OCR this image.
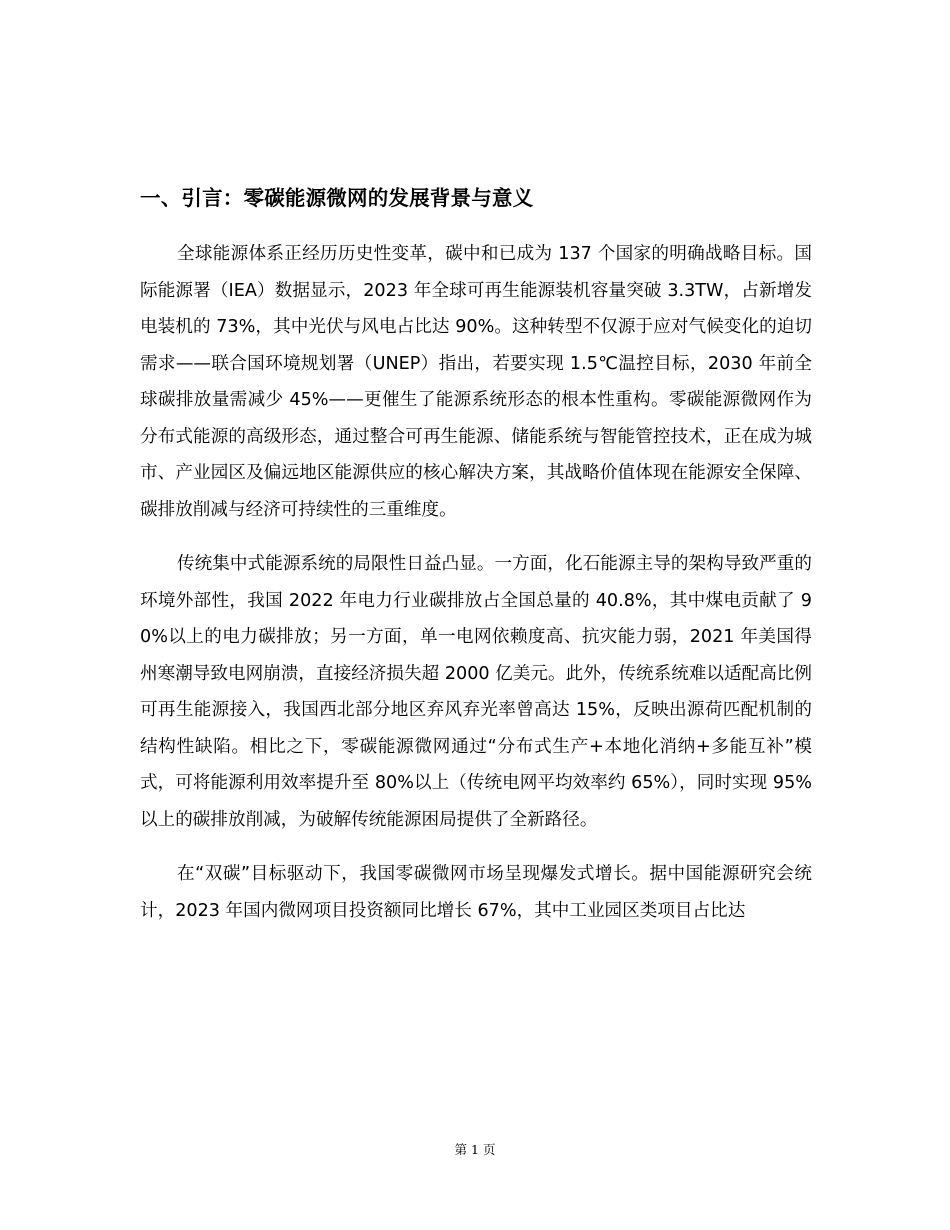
一、引言：零碳能源微网的发展背景与意义

全球能源体系正经历历史性变革，碳中和已成为 137 个国家的明确战略目标。国际能源署（IEA）数据显示，2023 年全球可再生能源装机容量突破 3.3TW，占新增发电装机的 73%，其中光伏与风电占比达 90%。这种转型不仅源于应对气候变化的迫切需求——联合国环境规划署（UNEP）指出，若要实现 1.5℃温控目标，2030 年前全球碳排放量需减少 45%——更催生了能源系统形态的根本性重构。零碳能源微网作为分布式能源的高级形态，通过整合可再生能源、储能系统与智能管控技术，正在成为城市、产业园区及偏远地区能源供应的核心解决方案，其战略价值体现在能源安全保障、碳排放削减与经济可持续性的三重维度。

传统集中式能源系统的局限性日益凸显。一方面，化石能源主导的架构导致严重的环境外部性，我国 2022 年电力行业碳排放占全国总量的 40.8%，其中煤电贡献了 90%以上的电力碳排放；另一方面，单一电网依赖度高、抗灾能力弱，2021 年美国得州寒潮导致电网崩溃，直接经济损失超 2000 亿美元。此外，传统系统难以适配高比例可再生能源接入，我国西北部分地区弃风弃光率曾高达 15%，反映出源荷匹配机制的结构性缺陷。相比之下，零碳能源微网通过“分布式生产+本地化消纳+多能互补”模式，可将能源利用效率提升至 80%以上（传统电网平均效率约 65%），同时实现 95%以上的碳排放削减，为破解传统能源困局提供了全新路径。

在“双碳”目标驱动下，我国零碳微网市场呈现爆发式增长。据中国能源研究会统计，2023 年国内微网项目投资额同比增长 67%，其中工业园区类项目占比达

第 1 页
